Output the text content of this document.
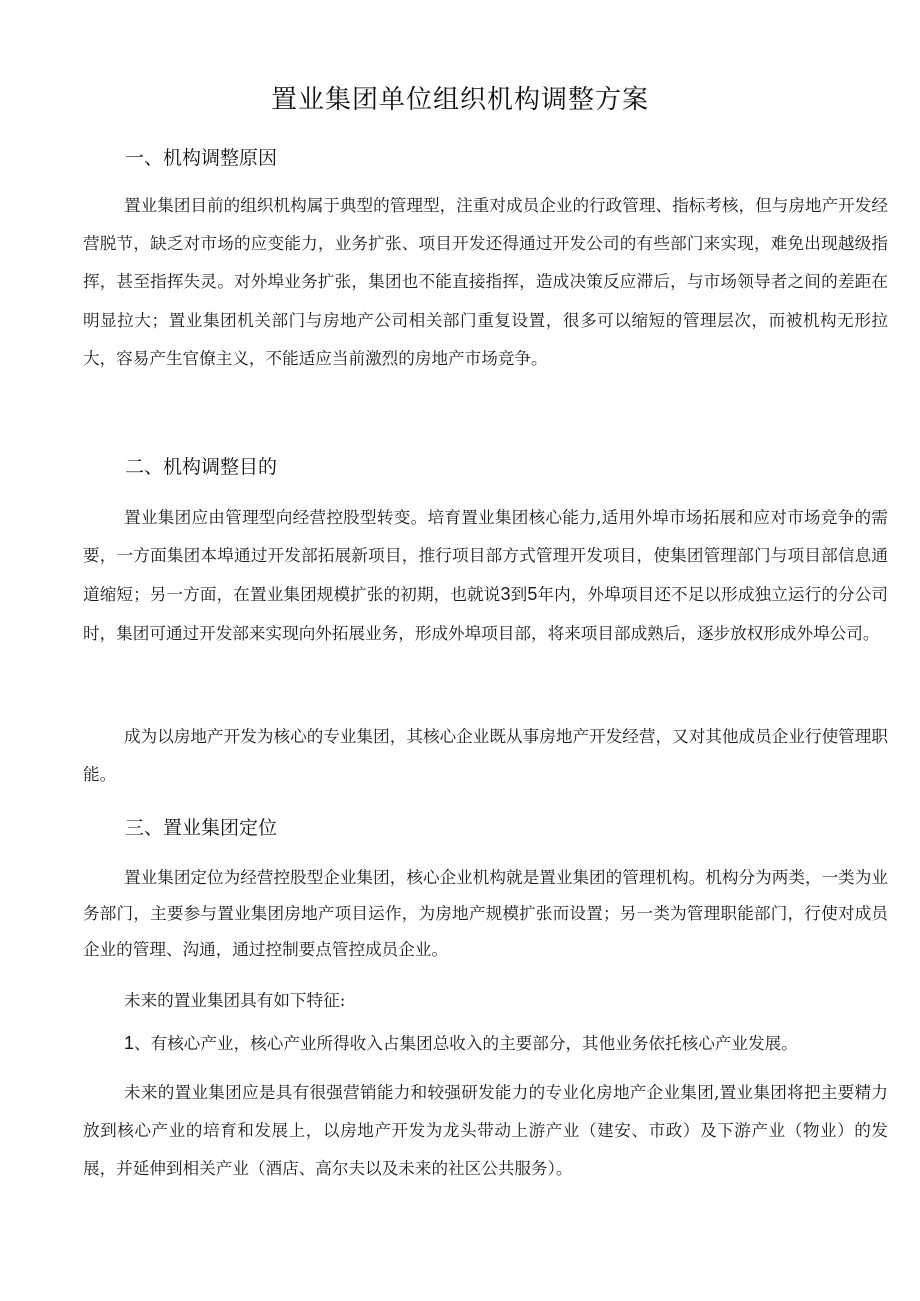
置业集团单位组织机构调整方案
一、机构调整原因

置业集团目前的组织机构属于典型的管理型，注重对成员企业的行政管理、指标考核，但与房地产开发经营脱节，缺乏对市场的应变能力，业务扩张、项目开发还得通过开发公司的有些部门来实现，难免出现越级指挥，甚至指挥失灵。对外埠业务扩张，集团也不能直接指挥，造成决策反应滞后，与市场领导者之间的差距在明显拉大；置业集团机关部门与房地产公司相关部门重复设置，很多可以缩短的管理层次，而被机构无形拉大，容易产生官僚主义，不能适应当前激烈的房地产市场竞争。

二、机构调整目的

置业集团应由管理型向经营控股型转变。培育置业集团核心能力,适用外埠市场拓展和应对市场竞争的需要，一方面集团本埠通过开发部拓展新项目，推行项目部方式管理开发项目，使集团管理部门与项目部信息通道缩短；另一方面，在置业集团规模扩张的初期，也就说3到5年内，外埠项目还不足以形成独立运行的分公司时，集团可通过开发部来实现向外拓展业务，形成外埠项目部，将来项目部成熟后，逐步放权形成外埠公司。

成为以房地产开发为核心的专业集团，其核心企业既从事房地产开发经营，又对其他成员企业行使管理职能。

三、置业集团定位

置业集团定位为经营控股型企业集团，核心企业机构就是置业集团的管理机构。机构分为两类，一类为业务部门，主要参与置业集团房地产项目运作，为房地产规模扩张而设置；另一类为管理职能部门，行使对成员企业的管理、沟通，通过控制要点管控成员企业。

未来的置业集团具有如下特征:

1、有核心产业，核心产业所得收入占集团总收入的主要部分，其他业务依托核心产业发展。

未来的置业集团应是具有很强营销能力和较强研发能力的专业化房地产企业集团,置业集团将把主要精力放到核心产业的培育和发展上，以房地产开发为龙头带动上游产业（建安、市政）及下游产业（物业）的发展，并延伸到相关产业（酒店、高尔夫以及未来的社区公共服务）。
